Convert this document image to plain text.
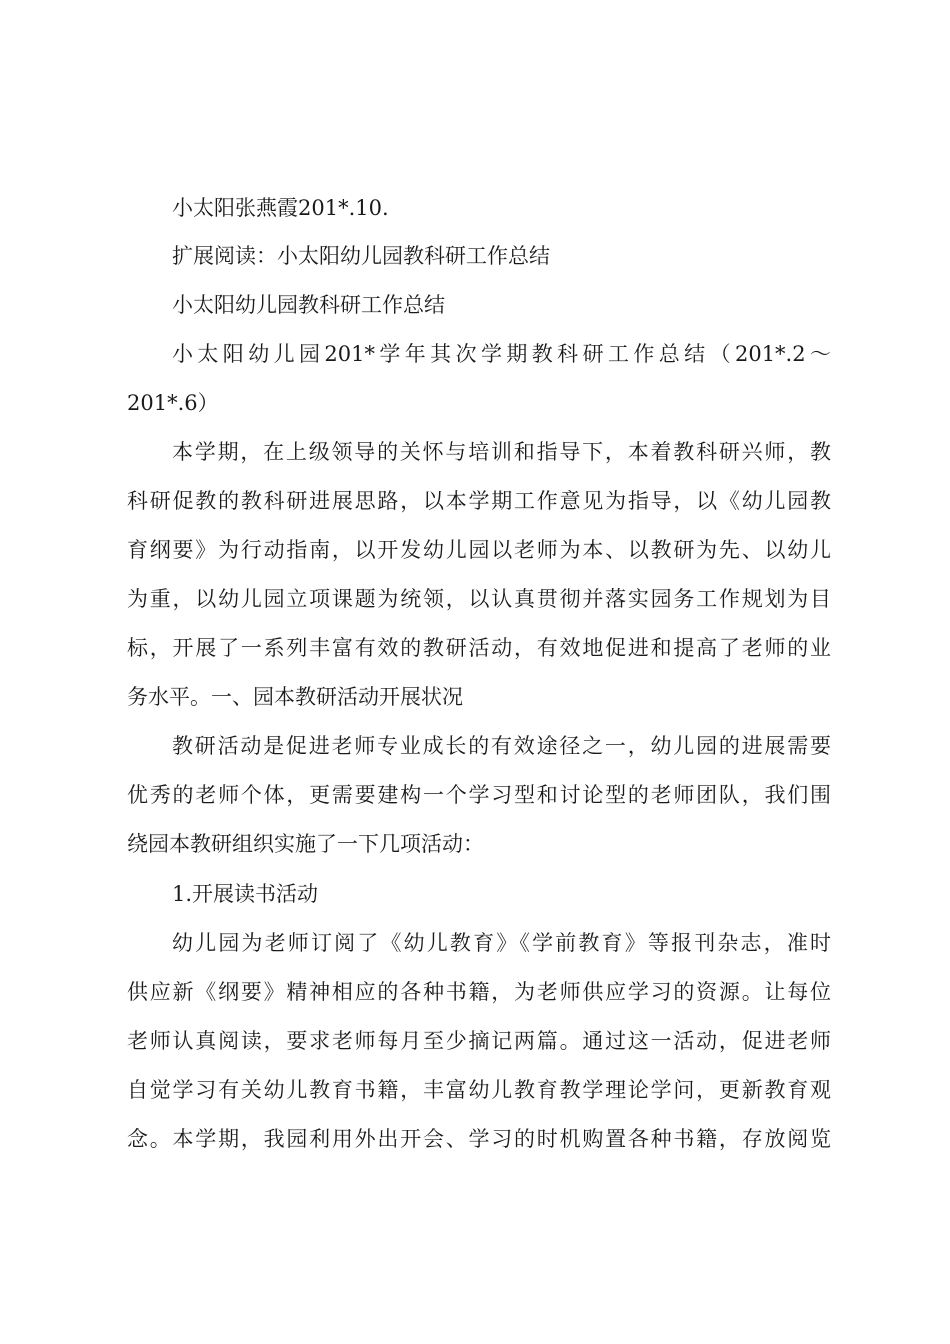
小太阳张燕霞201*.10.
扩展阅读：小太阳幼儿园教科研工作总结
小太阳幼儿园教科研工作总结
小太阳幼儿园201*学年其次学期教科研工作总结（201*.2～
201*.6）
本学期，在上级领导的关怀与培训和指导下，本着教科研兴师，教
科研促教的教科研进展思路，以本学期工作意见为指导，以《幼儿园教
育纲要》为行动指南，以开发幼儿园以老师为本、以教研为先、以幼儿
为重，以幼儿园立项课题为统领，以认真贯彻并落实园务工作规划为目
标，开展了一系列丰富有效的教研活动，有效地促进和提高了老师的业
务水平。一、园本教研活动开展状况
教研活动是促进老师专业成长的有效途径之一，幼儿园的进展需要
优秀的老师个体，更需要建构一个学习型和讨论型的老师团队，我们围
绕园本教研组织实施了一下几项活动：
1.开展读书活动
幼儿园为老师订阅了《幼儿教育》《学前教育》等报刊杂志，准时
供应新《纲要》精神相应的各种书籍，为老师供应学习的资源。让每位
老师认真阅读，要求老师每月至少摘记两篇。通过这一活动，促进老师
自觉学习有关幼儿教育书籍，丰富幼儿教育教学理论学问，更新教育观
念。本学期，我园利用外出开会、学习的时机购置各种书籍，存放阅览
